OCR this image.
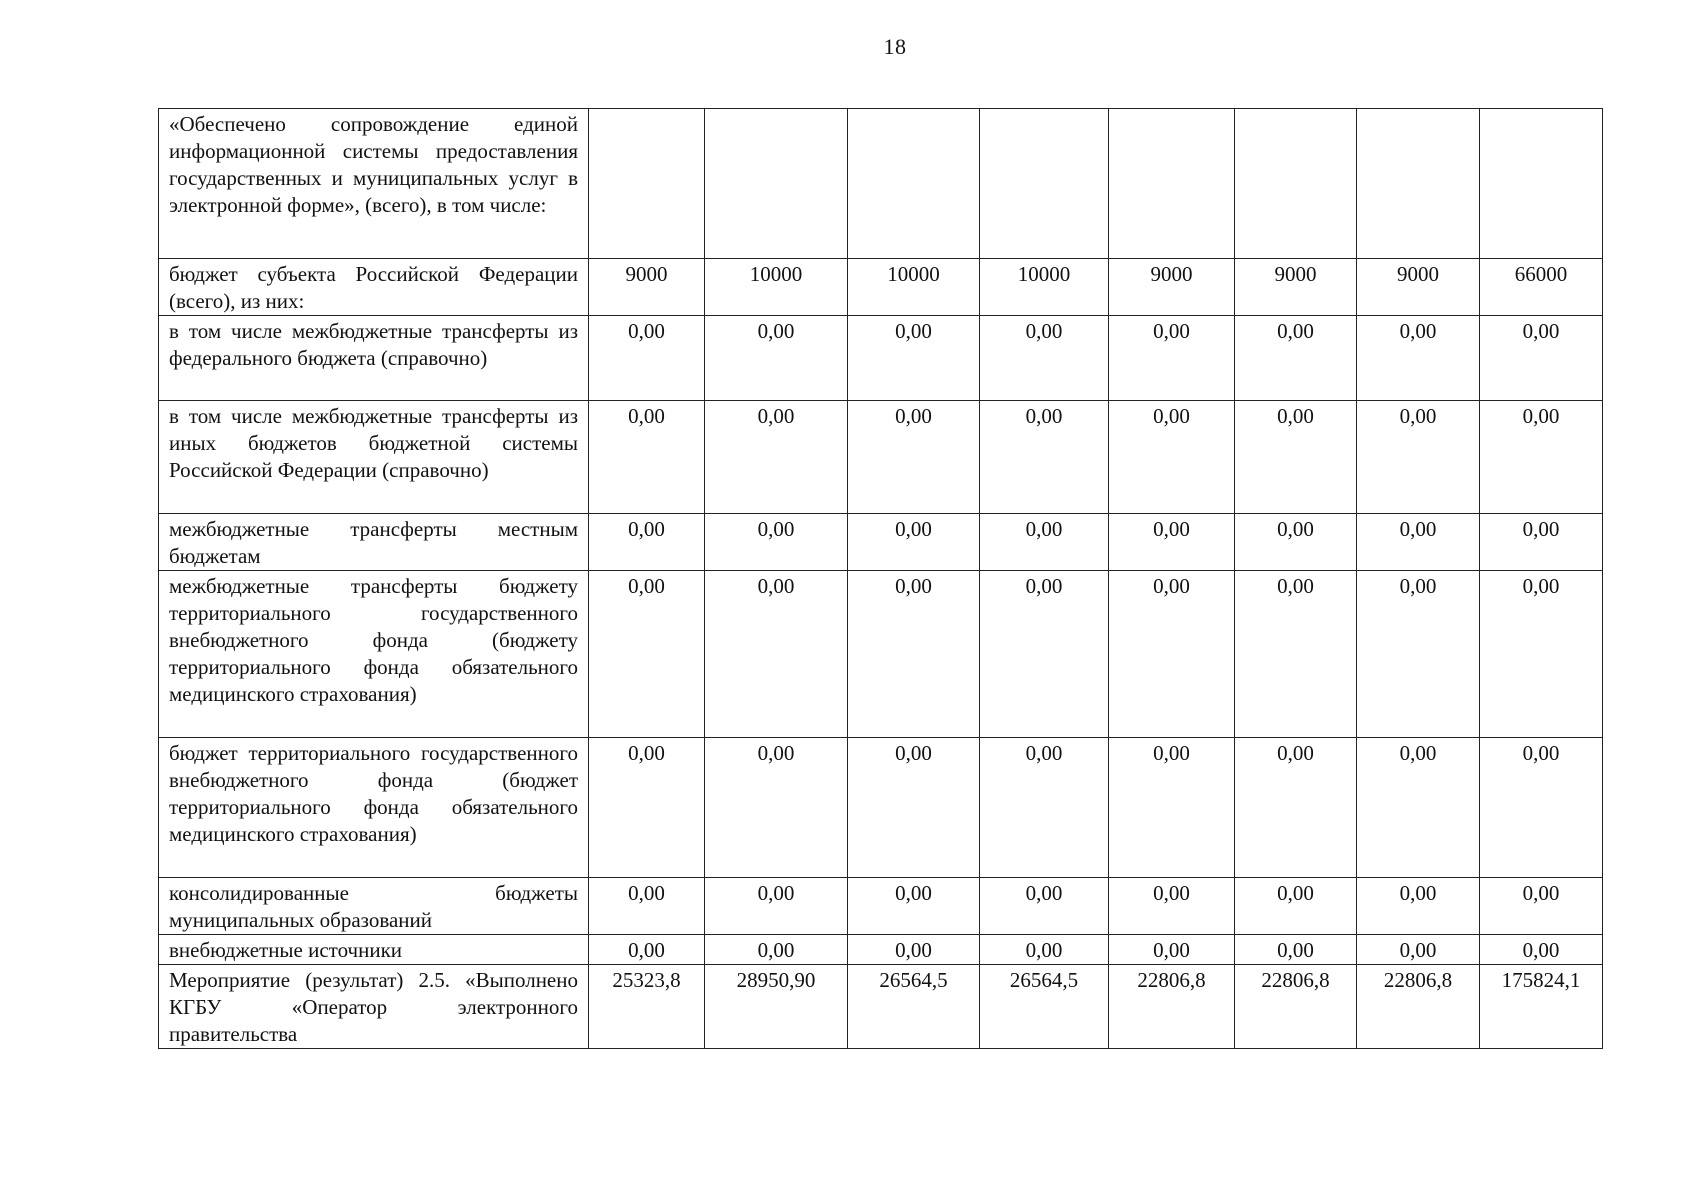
18
«Обеспечено сопровождение единой информационной системы предоставления государственных и муниципальных услуг в электронной форме», (всего), в том числе:								
бюджет субъекта Российской Федерации (всего), из них:	9000	10000	10000	10000	9000	9000	9000	66000
в том числе межбюджетные трансферты из федерального бюджета (справочно)	0,00	0,00	0,00	0,00	0,00	0,00	0,00	0,00
в том числе межбюджетные трансферты из иных бюджетов бюджетной системы Российской Федерации (справочно)	0,00	0,00	0,00	0,00	0,00	0,00	0,00	0,00
межбюджетные трансферты местным бюджетам	0,00	0,00	0,00	0,00	0,00	0,00	0,00	0,00
межбюджетные трансферты бюджету территориального государственного внебюджетного фонда (бюджету территориального фонда обязательного медицинского страхования)	0,00	0,00	0,00	0,00	0,00	0,00	0,00	0,00
бюджет территориального государственного внебюджетного фонда (бюджет территориального фонда обязательного медицинского страхования)	0,00	0,00	0,00	0,00	0,00	0,00	0,00	0,00
консолидированные бюджеты муниципальных образований	0,00	0,00	0,00	0,00	0,00	0,00	0,00	0,00
внебюджетные источники	0,00	0,00	0,00	0,00	0,00	0,00	0,00	0,00
Мероприятие (результат) 2.5. «Выполнено КГБУ «Оператор электронного правительства	25323,8	28950,90	26564,5	26564,5	22806,8	22806,8	22806,8	175824,1
